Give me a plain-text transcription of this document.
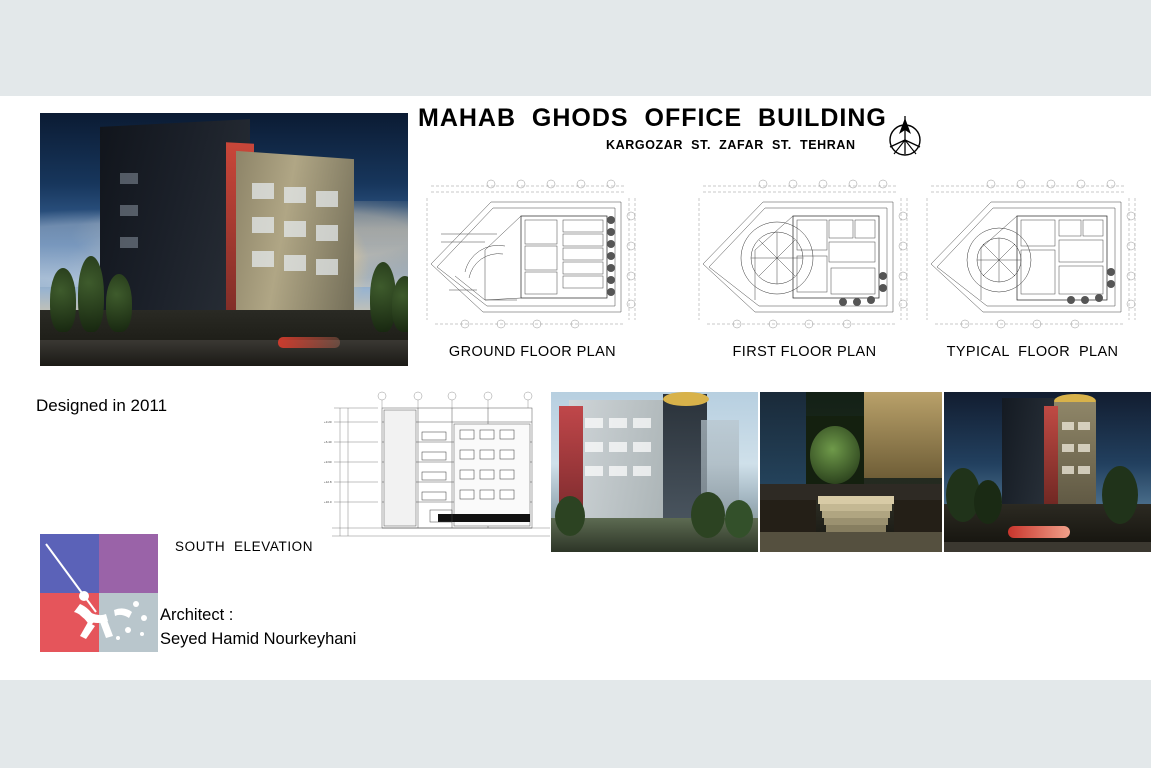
MAHAB  GHODS  OFFICE  BUILDING
KARGOZAR  ST.  ZAFAR  ST.  TEHRAN
GROUND FLOOR PLAN	FIRST FLOOR PLAN	TYPICAL  FLOOR  PLAN
Designed in 2011
+3.20
+6.40
+9.60
+12.8
+16.0
SOUTH  ELEVATION
Architect :
Seyed Hamid Nourkeyhani
